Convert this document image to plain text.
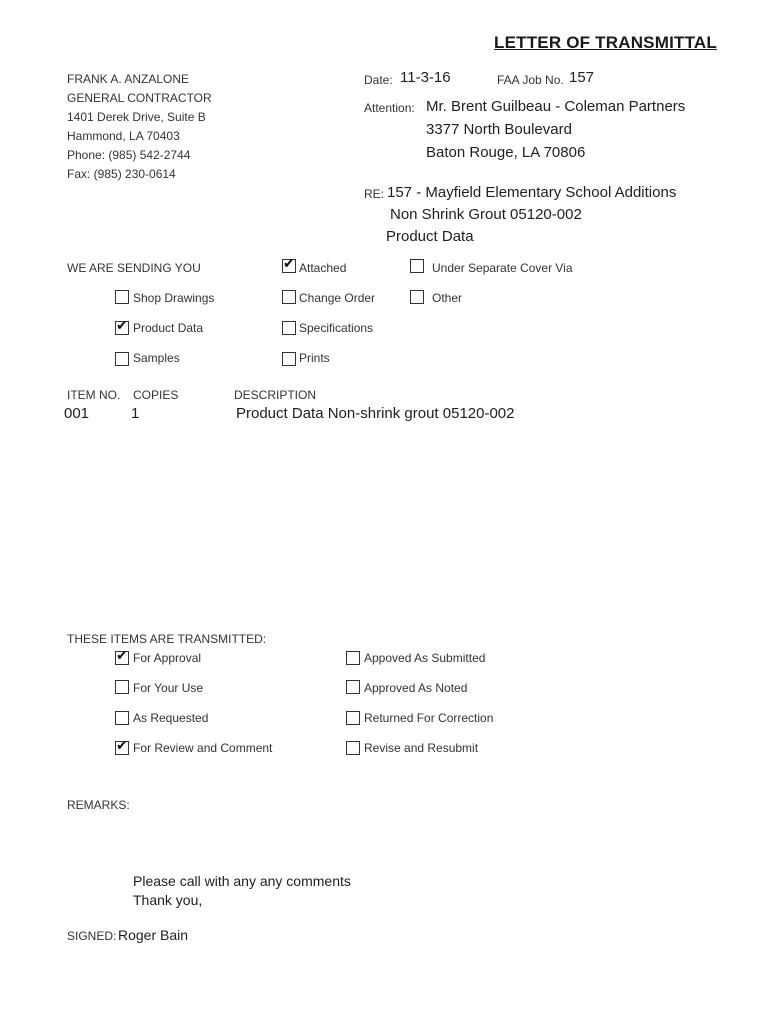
LETTER OF TRANSMITTAL
FRANK A. ANZALONE
GENERAL CONTRACTOR
1401 Derek Drive, Suite B
Hammond, LA 70403
Phone: (985) 542-2744
Fax: (985) 230-0614
Date: 11-3-16	FAA Job No. 157
Attention: Mr. Brent Guilbeau - Coleman Partners
3377 North Boulevard
Baton Rouge, LA 70806
RE: 157 - Mayfield Elementary School Additions
Non Shrink Grout 05120-002
Product Data
WE ARE SENDING YOU	✔ Attached	Under Separate Cover Via
Shop Drawings	Change Order	Other
✔ Product Data	Specifications
Samples	Prints
ITEM NO. COPIES	DESCRIPTION
001	1	Product Data Non-shrink grout 05120-002
THESE ITEMS ARE TRANSMITTED:
✔ For Approval	Appoved As Submitted
For Your Use	Approved As Noted
As Requested	Returned For Correction
✔ For Review and Comment	Revise and Resubmit
REMARKS:
Please call with any any comments
Thank you,
SIGNED: Roger Bain
